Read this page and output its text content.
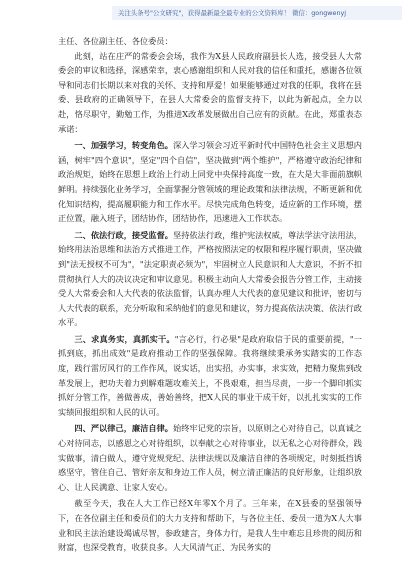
关注头条号"公文研究"，获得最新最全最专业的公文资料库！ 微信：gongwenyj

主任、各位副主任、各位委员：

此刻，站在庄严的常委会会场，我作为X县人民政府副县长人选，接受县人大常委会的审议和选择，深感荣幸，衷心感谢组织和人民对我的信任和重托，感谢各位领导和同志们长期以来对我的关怀、支持和厚爱！如果能够通过对我的任职，我将在县委、县政府的正确领导下，在县人大常委会的监督支持下，以此为新起点，全力以赴，恪尽职守，勤勉工作，为推进X改革发展做出自己应有的贡献。在此，郑重表态承诺：

一、加强学习，转变角色。深入学习领会习近平新时代中国特色社会主义思想内涵，树牢"四个意识"，坚定"四个自信"，坚决做到"两个维护"，严格遵守政治纪律和政治规矩，始终在思想上政治上行动上同党中央保持高度一致，在大是大非面前旗帜鲜明。持续强化业务学习，全面掌握分管领域的理论政策和法律法规，不断更新和优化知识结构，提高履职能力和工作水平。尽快完成角色转变，适应新的工作环境，摆正位置，融入班子，团结协作，团结协作，迅速进入工作状态。

二、依法行政，接受监督。坚持依法行政，维护宪法权威，尊法学法守法用法，始终用法治思维和法治方式推进工作，严格按照法定的权限和程序履行职责，坚决做到"法无授权不可为"，"法定职责必须为"，牢固树立人民意识和人大意识，不折不扣贯彻执行人大的决议决定和审议意见。积极主动向人大常委会报告分管工作，主动接受人大常委会和人大代表的依法监督，认真办理人大代表的意见建议和批评，密切与人大代表的联系，充分听取和采纳他们的意见和建议，努力提高依法决策、依法行政水平。

三、求真务实，真抓实干。"言必行，行必果"是政府取信于民的重要前提，"一抓到底，抓出成效"是政府推动工作的坚强保障。我将继续秉承务实踏实的工作态度，践行雷厉风行的工作作风，说实话，出实招，办实事，求实效，把精力聚焦到改革发展上，把功夫着力到解难题攻难关上，不畏艰难，担当尽责，一步一个脚印抓实抓好分管工作，善做善成，善始善终，把X人民的事业干成干好，以扎扎实实的工作实绩回报组织和人民的认可。

四、严以律己，廉洁自律。始终牢记党的宗旨，以原则之心对待自己，以真诚之心对待同志，以感恩之心对待组织，以奉献之心对待事业，以无私之心对待群众，践实做事，清白做人，遵守党规党纪、法律法规以及廉洁自律的各项规定，时刻抵挡诱惑坚守，管住自己、管好亲友和身边工作人员，树立清正廉洁的良好形象，让组织放心、让人民满意、让家人安心。

截至今天，我在人大工作已经X年零X个月了。三年来，在X县委的坚强领导下，在各位副主任和委员们的大力支持和帮助下，与各位主任、委员一道为X人大事业和民主法治建设竭诚尽智，参政建言，身体力行，是我人生中难忘且珍贵的阅历和财富，也深受教育，收获良多。人大风清气正、为民务实的
